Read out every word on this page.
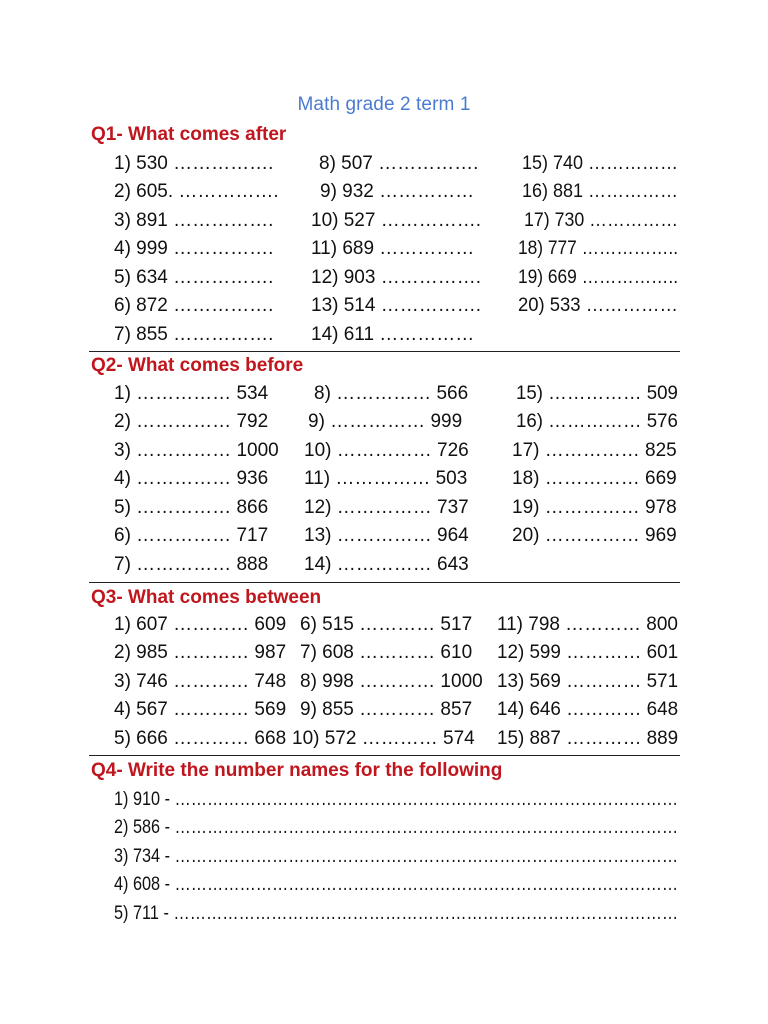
Math grade 2 term 1
Q1- What comes after
1) 530 ……………. 8) 507 ……………. 15) 740 ……………
2) 605. ……………. 9) 932 ……………	16) 881 ……………
3) 891 ……………. 10) 527 ……………. 17) 730 ……………
4) 999 ……………. 11) 689 …………… 18) 777 ……………..
5) 634 ……………. 12) 903 ……………. 19) 669 ……………..
6) 872 ……………. 13) 514 ……………. 20) 533 ……………
7) 855 ……………. 14) 611 ……………
Q2- What comes before
1) …………… 534 8) …………… 566	15) …………… 509
2) …………… 792 9) …………… 999	16) …………… 576
3) …………… 1000 10) …………… 726 17) …………… 825
4) …………… 936 11) …………… 503 18) …………… 669
5) …………… 866 12) …………… 737 19) …………… 978
6) …………… 717 13) …………… 964 20) …………… 969
7) …………… 888 14) …………… 643
Q3- What comes between
1) 607 ………… 609 6) 515 ………… 517 11) 798 ………… 800
2) 985 ………… 987 7) 608 ………… 610 12) 599 ………… 601
3) 746 ………… 748 8) 998 ………… 1000 13) 569 ………… 571
4) 567 ………… 569 9) 855 ………… 857 14) 646 ………… 648
5) 666 ………… 668 10) 572 ………… 574 15) 887 ………… 889
Q4- Write the number names for the following
1) 910 - …………………………………………………………………………………
2) 586 - …………………………………………………………………………………
3) 734 - …………………………………………………………………………………
4) 608 - …………………………………………………………………………………
5) 711 - …………………………………………………………………………………
